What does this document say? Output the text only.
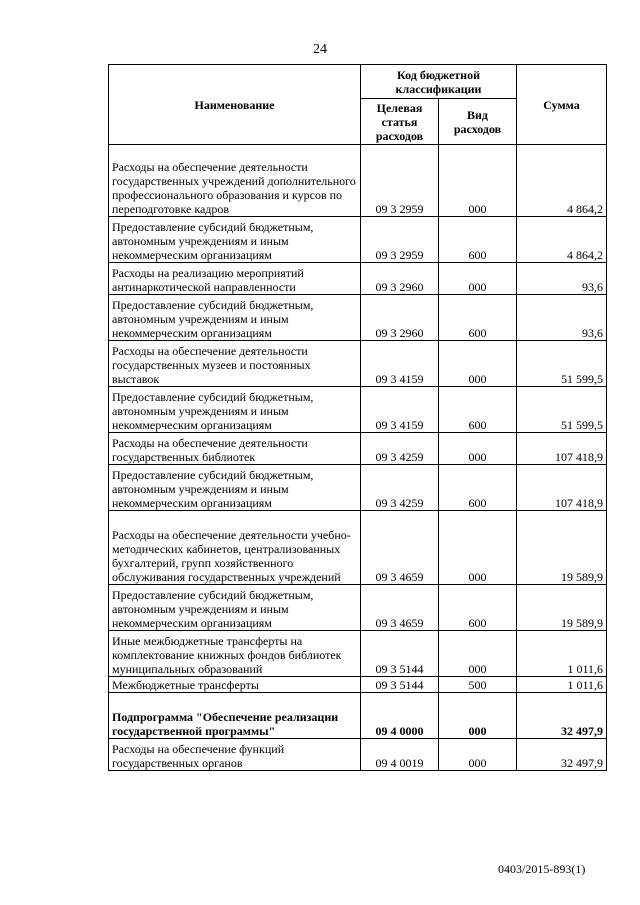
24
Наименование	Код бюджетной классификации		Сумма
	Целевая статья расходов	Вид расходов	
Расходы на обеспечение деятельности государственных учреждений дополнительного профессионального образования и курсов по переподготовке кадров	09 3 2959	000	4 864,2
Предоставление субсидий бюджетным, автономным учреждениям и иным некоммерческим организациям	09 3 2959	600	4 864,2
Расходы на реализацию мероприятий антинаркотической направленности	09 3 2960	000	93,6
Предоставление субсидий бюджетным, автономным учреждениям и иным некоммерческим организациям	09 3 2960	600	93,6
Расходы на обеспечение деятельности государственных музеев и постоянных выставок	09 3 4159	000	51 599,5
Предоставление субсидий бюджетным, автономным учреждениям и иным некоммерческим организациям	09 3 4159	600	51 599,5
Расходы на обеспечение деятельности государственных библиотек	09 3 4259	000	107 418,9
Предоставление субсидий бюджетным, автономным учреждениям и иным некоммерческим организациям	09 3 4259	600	107 418,9
Расходы на обеспечение деятельности учебно-методических кабинетов, централизованных бухгалтерий, групп хозяйственного обслуживания государственных учреждений	09 3 4659	000	19 589,9
Предоставление субсидий бюджетным, автономным учреждениям и иным некоммерческим организациям	09 3 4659	600	19 589,9
Иные межбюджетные трансферты на комплектование книжных фондов библиотек муниципальных образований	09 3 5144	000	1 011,6
Межбюджетные трансферты	09 3 5144	500	1 011,6
Подпрограмма "Обеспечение реализации государственной программы"	09 4 0000	000	32 497,9
Расходы на обеспечение функций государственных органов	09 4 0019	000	32 497,9
0403/2015-893(1)
